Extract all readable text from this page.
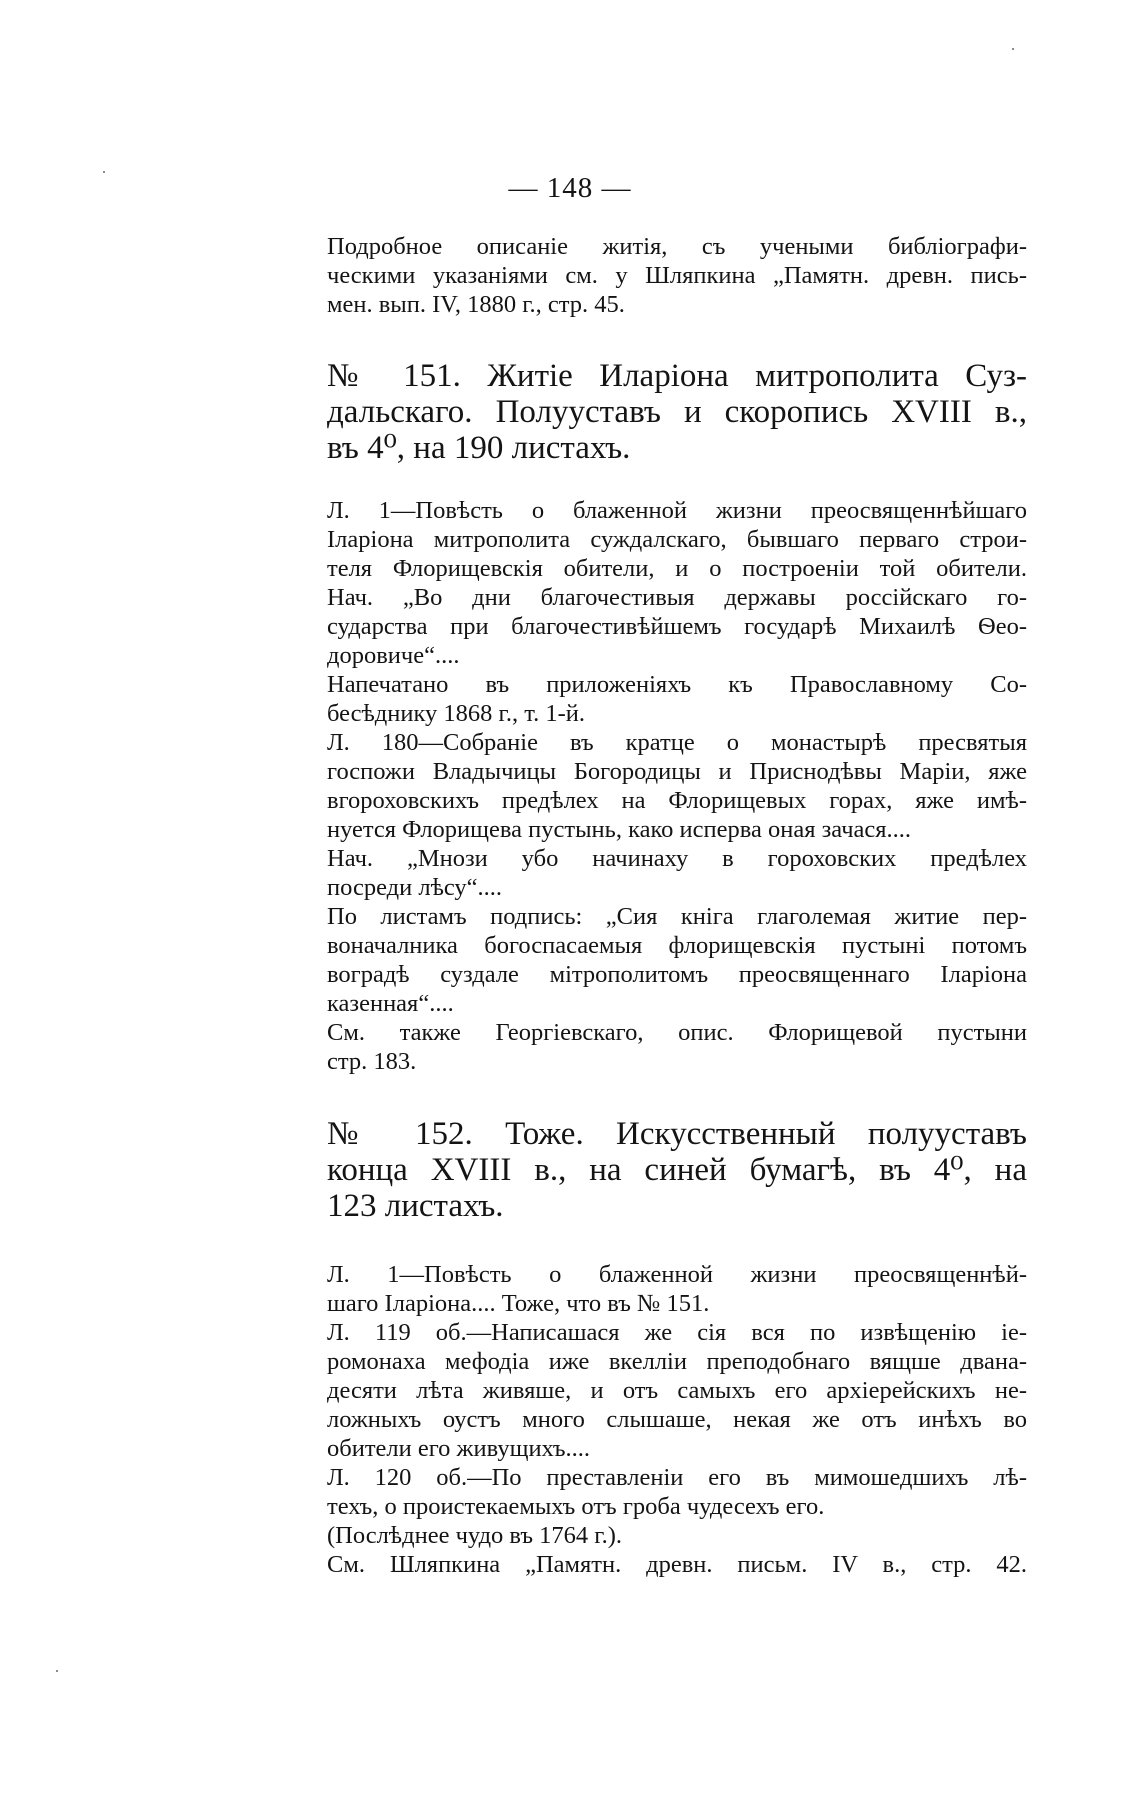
— 148 —
Подробное описаніе житія, съ учеными библіографи-
ческими указаніями см. у Шляпкина „Памятн. древн. пись-
мен. вып. IV, 1880 г., стр. 45.
№ 151. Житіе Иларіона митрополита Суз-
дальскаго. Полууставъ и скоропись XVIII в.,
въ 4⁰, на 190 листахъ.
Л. 1—Повѣсть о блаженной жизни преосвященнѣйшаго
Іларіона митрополита суждалскаго, бывшаго перваго строи-
теля Флорищевскія обители, и о построеніи той обители.
Нач. „Во дни благочестивыя державы россійскаго го-
сударства при благочестивѣйшемъ государѣ Михаилѣ Ѳео-
доровиче“....
Напечатано въ приложеніяхъ къ Православному Со-
бесѣднику 1868 г., т. 1-й.
Л. 180—Собраніе въ кратце о монастырѣ пресвятыя
госпожи Владычицы Богородицы и Приснодѣвы Маріи, яже
вгороховскихъ предѣлех на Флорищевых горах, яже имѣ-
нуется Флорищева пустынь, како исперва оная зачася....
Нач. „Мнози убо начинаху в гороховских предѣлех
посреди лѣсу“....
По листамъ подпись: „Сия кніга глаголемая житие пер-
воначалника богоспасаемыя флорищевскія пустыні потомъ
воградѣ суздале мітрополитомъ преосвященнаго Іларіона
казенная“....
См. также Георгіевскаго, опис. Флорищевой пустыни
стр. 183.
№ 152. Тоже. Искусственный полууставъ
конца XVIII в., на синей бумагѣ, въ 4⁰, на
123 листахъ.
Л. 1—Повѣсть о блаженной жизни преосвященнѣй-
шаго Іларіона.... Тоже, что въ № 151.
Л. 119 об.—Написашася же сія вся по извѣщенію іе-
ромонаха мефодіа иже вкелліи преподобнаго вящше двана-
десяти лѣта живяше, и отъ самыхъ его архіерейскихъ не-
ложныхъ оустъ много слышаше, некая же отъ инѣхъ во
обители его живущихъ....
Л. 120 об.—По преставленіи его въ мимошедшихъ лѣ-
техъ, о проистекаемыхъ отъ гроба чудесехъ его.
(Послѣднее чудо въ 1764 г.).
См. Шляпкина „Памятн. древн. письм. IV в., стр. 42.
